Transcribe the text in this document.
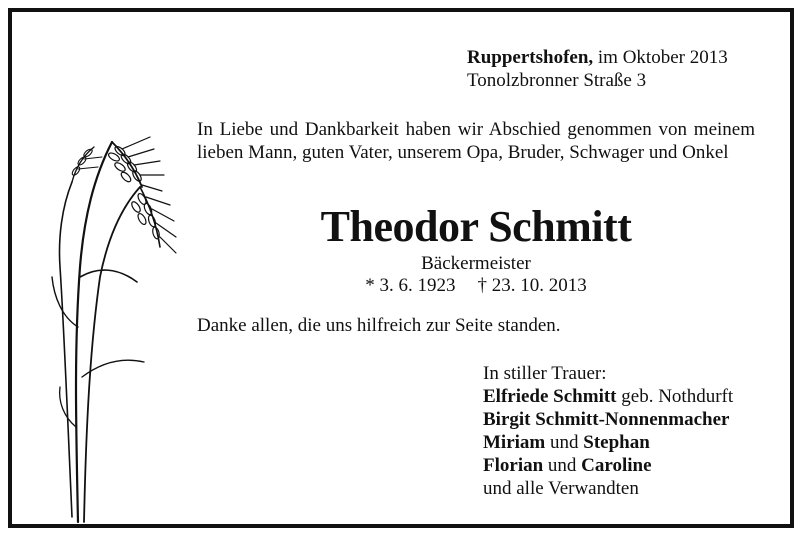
Ruppertshofen, im Oktober 2013
Tonolzbronner Straße 3
In Liebe und Dankbarkeit haben wir Abschied genommen von meinem lieben Mann, guten Vater, unserem Opa, Bruder, Schwager und Onkel
Theodor Schmitt
Bäckermeister
* 3. 6. 1923 † 23. 10. 2013
Danke allen, die uns hilfreich zur Seite standen.
In stiller Trauer:
Elfriede Schmitt geb. Nothdurft
Birgit Schmitt-Nonnenmacher
Miriam und Stephan
Florian und Caroline
und alle Verwandten
